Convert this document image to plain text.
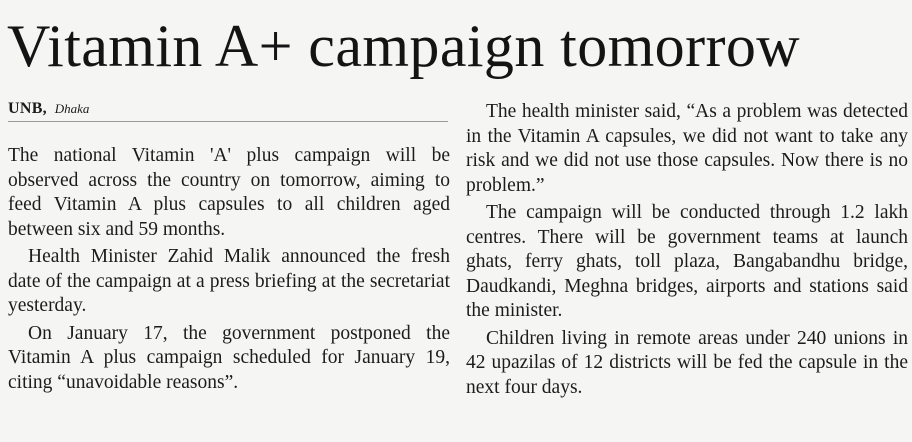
Vitamin A+ campaign tomorrow
UNB, Dhaka

The national Vitamin 'A' plus campaign will be observed across the country on tomorrow, aiming to feed Vitamin A plus capsules to all children aged between six and 59 months.

Health Minister Zahid Malik announced the fresh date of the campaign at a press briefing at the secretariat yesterday.

On January 17, the government postponed the Vitamin A plus campaign scheduled for January 19, citing “unavoidable reasons”.

The health minister said, “As a problem was detected in the Vitamin A capsules, we did not want to take any risk and we did not use those capsules. Now there is no problem.”

The campaign will be conducted through 1.2 lakh centres. There will be government teams at launch ghats, ferry ghats, toll plaza, Bangabandhu bridge, Daudkandi, Meghna bridges, airports and stations said the minister.

Children living in remote areas under 240 unions in 42 upazilas of 12 districts will be fed the capsule in the next four days.
